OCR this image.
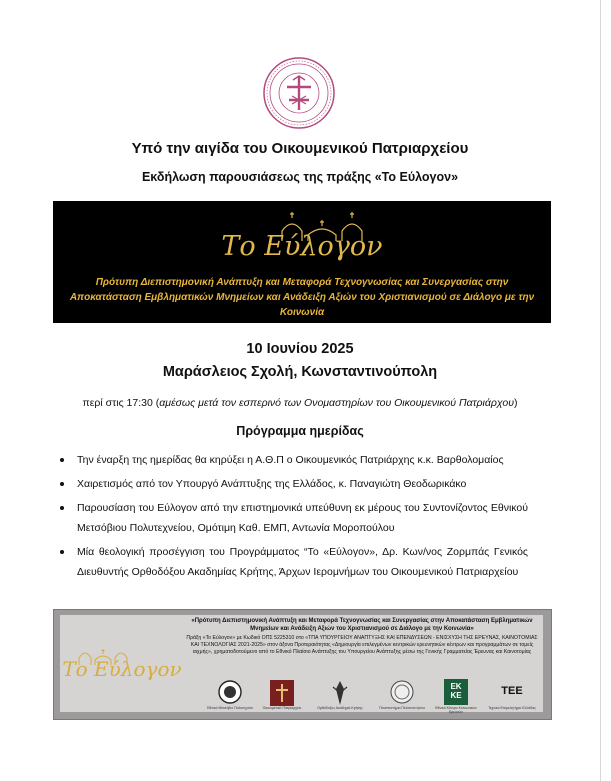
Υπό την αιγίδα του Οικουμενικού Πατριαρχείου
Εκδήλωση παρουσιάσεως της πράξης «Το Εύλογον»
Το Εύλογον
Πρότυπη Διεπιστημονική Ανάπτυξη και Μεταφορά Τεχνογνωσίας και Συνεργασίας στην Αποκατάσταση Εμβληματικών Μνημείων και Ανάδειξη Αξιών του Χριστιανισμού σε Διάλογο με την Κοινωνία
10 Ιουνίου 2025
Μαράσλειος Σχολή, Κωνσταντινούπολη
περί στις 17:30 (αμέσως μετά τον εσπερινό των Ονομαστηρίων του Οικουμενικού Πατριάρχου)
Πρόγραμμα ημερίδας
Την έναρξη της ημερίδας θα κηρύξει η Α.Θ.Π ο Οικουμενικός Πατριάρχης κ.κ. Βαρθολομαίος
Χαιρετισμός από τον Υπουργό Ανάπτυξης της Ελλάδος, κ. Παναγιώτη Θεοδωρικάκο
Παρουσίαση του Εύλογον από την επιστημονικά υπεύθυνη εκ μέρους του Συντονίζοντος Εθνικού Μετσόβιου Πολυτεχνείου, Ομότιμη Καθ. ΕΜΠ, Αντωνία Μοροπούλου
Μία θεολογική προσέγγιση του Προγράμματος “Το «Εύλογον», Δρ. Κων/νος Ζορμπάς Γενικός Διευθυντής Ορθοδόξου Ακαδημίας Κρήτης, Άρχων Ιερομνήμων του Οικουμενικού Πατριαρχείου
Το Εύλογον
«Πρότυπη Διεπιστημονική Ανάπτυξη και Μεταφορά Τεχνογνωσίας και Συνεργασίας στην Αποκατάσταση Εμβληματικών Μνημείων και Ανάδειξη Αξιών του Χριστιανισμού σε Διάλογο με την Κοινωνία»
Πράξη «Το Εύλογον» με Κωδικό ΟΠΣ 5225310 στο «ΤΠΑ ΥΠΟΥΡΓΕΙΟΥ ΑΝΑΠΤΥΞΗΣ ΚΑΙ ΕΠΕΝΔΥΣΕΩΝ - ΕΝΙΣΧΥΣΗ ΤΗΣ ΕΡΕΥΝΑΣ, ΚΑΙΝΟΤΟΜΙΑΣ ΚΑΙ ΤΕΧΝΟΛΟΓΙΑΣ 2021-2025» στον άξονα Προτεραιότητας «Δημιουργία επιλεγμένων κεντρικών ερευνητικών κέντρων και προγραμμάτων σε τομείς αιχμής», χρηματοδοτούμενο από το Εθνικό Πλαίσιο Ανάπτυξης του Υπουργείου Ανάπτυξης μέσω της Γενικής Γραμματείας Έρευνας και Καινοτομίας
Εθνικό Μετσόβιο Πολυτεχνείο	Οικουμενικό Πατριαρχείο	Ορθόδοξος Ακαδημία Κρήτης	Πανεπιστήμιο Πελοποννήσου
ΕΚ ΚΕ
Εθνικό Κέντρο Κοινωνικών Ερευνών
ΤΕΕ
Τεχνικό Επιμελητήριο Ελλάδας
